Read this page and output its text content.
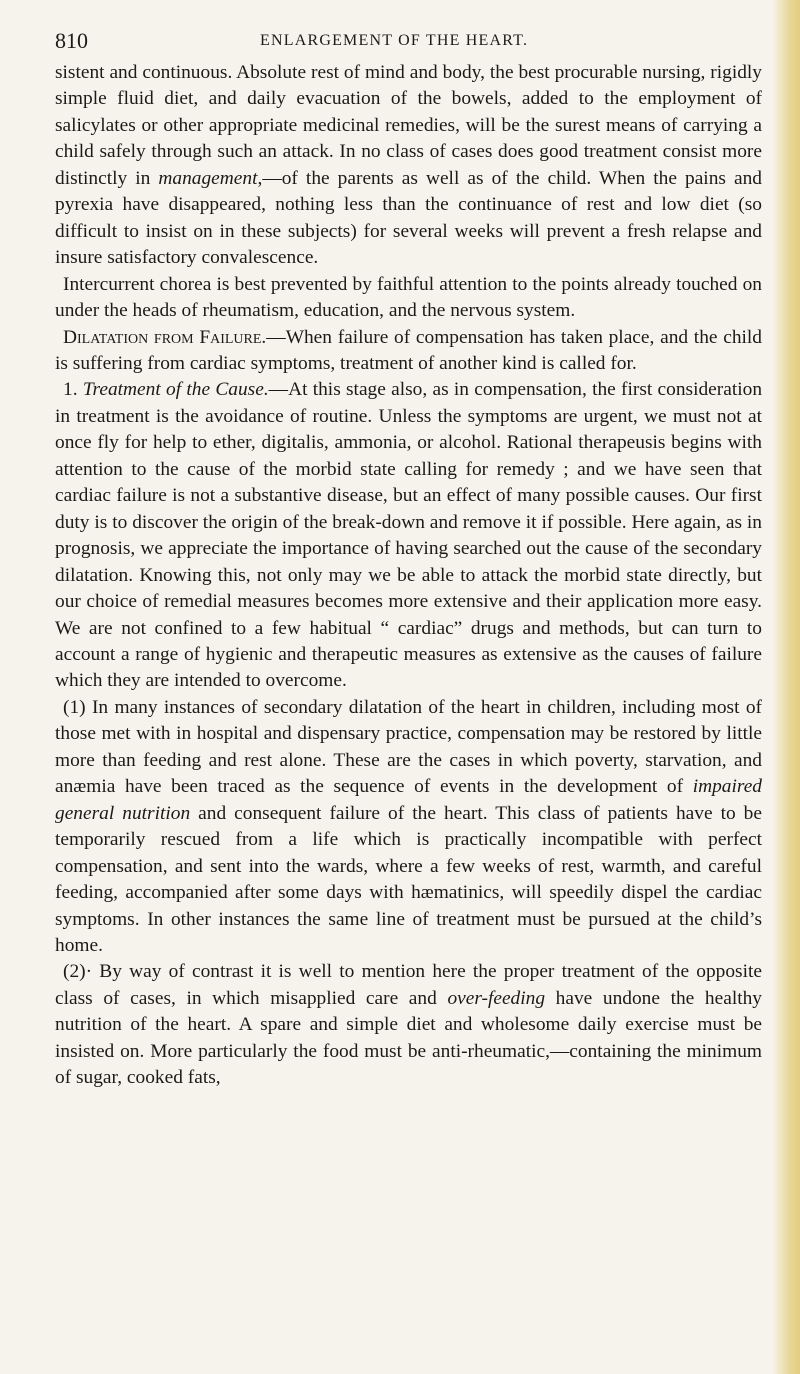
810	ENLARGEMENT OF THE HEART.

sistent and continuous. Absolute rest of mind and body, the best procurable nursing, rigidly simple fluid diet, and daily evacuation of the bowels, added to the employment of salicylates or other appropriate medicinal remedies, will be the surest means of carrying a child safely through such an attack. In no class of cases does good treatment consist more distinctly in management,—of the parents as well as of the child. When the pains and pyrexia have disappeared, nothing less than the continuance of rest and low diet (so difficult to insist on in these subjects) for several weeks will prevent a fresh relapse and insure satisfactory convalescence.

Intercurrent chorea is best prevented by faithful attention to the points already touched on under the heads of rheumatism, education, and the nervous system.

Dilatation from Failure.—When failure of compensation has taken place, and the child is suffering from cardiac symptoms, treatment of another kind is called for.

1. Treatment of the Cause.—At this stage also, as in compensation, the first consideration in treatment is the avoidance of routine. Unless the symptoms are urgent, we must not at once fly for help to ether, digitalis, ammonia, or alcohol. Rational therapeusis begins with attention to the cause of the morbid state calling for remedy ; and we have seen that cardiac failure is not a substantive disease, but an effect of many possible causes. Our first duty is to discover the origin of the break-down and remove it if possible. Here again, as in prognosis, we appreciate the importance of having searched out the cause of the secondary dilatation. Knowing this, not only may we be able to attack the morbid state directly, but our choice of remedial measures becomes more extensive and their application more easy. We are not confined to a few habitual “ cardiac” drugs and methods, but can turn to account a range of hygienic and therapeutic measures as extensive as the causes of failure which they are intended to overcome.

(1) In many instances of secondary dilatation of the heart in children, including most of those met with in hospital and dispensary practice, compensation may be restored by little more than feeding and rest alone. These are the cases in which poverty, starvation, and anæmia have been traced as the sequence of events in the development of impaired general nutrition and consequent failure of the heart. This class of patients have to be temporarily rescued from a life which is practically incompatible with perfect compensation, and sent into the wards, where a few weeks of rest, warmth, and careful feeding, accompanied after some days with hæmatinics, will speedily dispel the cardiac symptoms. In other instances the same line of treatment must be pursued at the child’s home.

(2)· By way of contrast it is well to mention here the proper treatment of the opposite class of cases, in which misapplied care and over-feeding have undone the healthy nutrition of the heart. A spare and simple diet and wholesome daily exercise must be insisted on. More particularly the food must be anti-rheumatic,—containing the minimum of sugar, cooked fats,
